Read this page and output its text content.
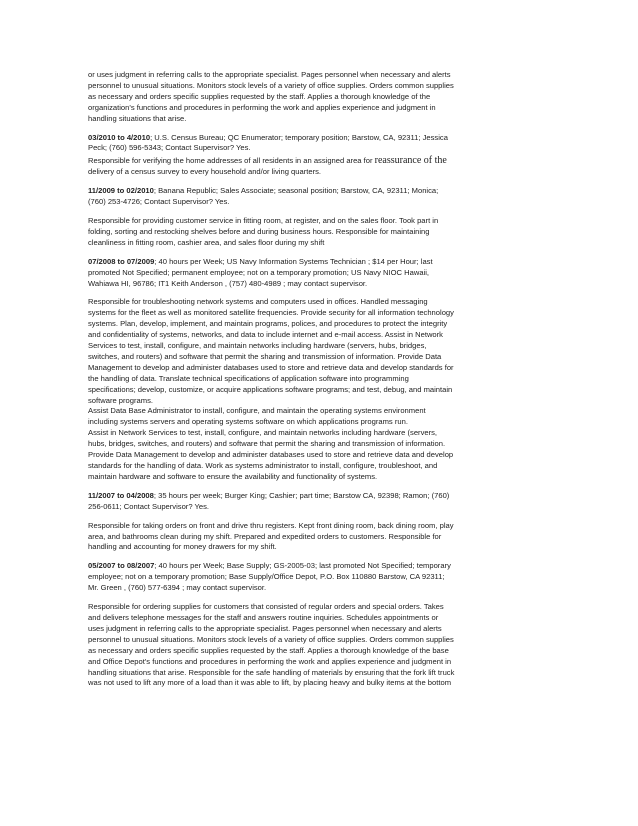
or uses judgment in referring calls to the appropriate specialist. Pages personnel when necessary and alerts
personnel to unusual situations. Monitors stock levels of a variety of office supplies. Orders common supplies
as necessary and orders specific supplies requested by the staff. Applies a thorough knowledge of the
organization's functions and procedures in performing the work and applies experience and judgment in
handling situations that arise.

03/2010 to 4/2010; U.S. Census Bureau; QC Enumerator; temporary position; Barstow, CA, 92311; Jessica
Peck; (760) 596-5343; Contact Supervisor? Yes.

Responsible for verifying the home addresses of all residents in an assigned area for reassurance of the
delivery of a census survey to every household and/or living quarters.

11/2009 to 02/2010; Banana Republic; Sales Associate; seasonal position; Barstow, CA, 92311; Monica;
(760) 253-4726; Contact Supervisor? Yes.

Responsible for providing customer service in fitting room, at register, and on the sales floor. Took part in
folding, sorting and restocking shelves before and during business hours. Responsible for maintaining
cleanliness in fitting room, cashier area, and sales floor during my shift

07/2008 to 07/2009; 40 hours per Week; US Navy Information Systems Technician ; $14 per Hour; last
promoted Not Specified; permanent employee; not on a temporary promotion; US Navy NIOC Hawaii,
Wahiawa HI, 96786; IT1 Keith Anderson , (757) 480-4989 ; may contact supervisor.

Responsible for troubleshooting network systems and computers used in offices. Handled messaging
systems for the fleet as well as monitored satellite frequencies. Provide security for all information technology
systems. Plan, develop, implement, and maintain programs, polices, and procedures to protect the integrity
and confidentiality of systems, networks, and data to include internet and e-mail access. Assist in Network
Services to test, install, configure, and maintain networks including hardware (servers, hubs, bridges,
switches, and routers) and software that permit the sharing and transmission of information. Provide Data
Management to develop and administer databases used to store and retrieve data and develop standards for
the handling of data. Translate technical specifications of application software into programming
specifications; develop, customize, or acquire applications software programs; and test, debug, and maintain
software programs.
Assist Data Base Administrator to install, configure, and maintain the operating systems environment
including systems servers and operating systems software on which applications programs run.
Assist in Network Services to test, install, configure, and maintain networks including hardware (servers,
hubs, bridges, switches, and routers) and software that permit the sharing and transmission of information.
Provide Data Management to develop and administer databases used to store and retrieve data and develop
standards for the handling of data. Work as systems administrator to install, configure, troubleshoot, and
maintain hardware and software to ensure the availability and functionality of systems.

11/2007 to 04/2008; 35 hours per week; Burger King; Cashier; part time; Barstow CA, 92398; Ramon; (760)
256-0611; Contact Supervisor? Yes.

Responsible for taking orders on front and drive thru registers. Kept front dining room, back dining room, play
area, and bathrooms clean during my shift. Prepared and expedited orders to customers. Responsible for
handling and accounting for money drawers for my shift.

05/2007 to 08/2007; 40 hours per Week; Base Supply; GS-2005-03; last promoted Not Specified; temporary
employee; not on a temporary promotion; Base Supply/Office Depot, P.O. Box 110880 Barstow, CA 92311;
Mr. Green , (760) 577-6394 ; may contact supervisor.

Responsible for ordering supplies for customers that consisted of regular orders and special orders. Takes
and delivers telephone messages for the staff and answers routine inquiries. Schedules appointments or
uses judgment in referring calls to the appropriate specialist. Pages personnel when necessary and alerts
personnel to unusual situations. Monitors stock levels of a variety of office supplies. Orders common supplies
as necessary and orders specific supplies requested by the staff. Applies a thorough knowledge of the base
and Office Depot's functions and procedures in performing the work and applies experience and judgment in
handling situations that arise. Responsible for the safe handling of materials by ensuring that the fork lift truck
was not used to lift any more of a load than it was able to lift, by placing heavy and bulky items at the bottom
